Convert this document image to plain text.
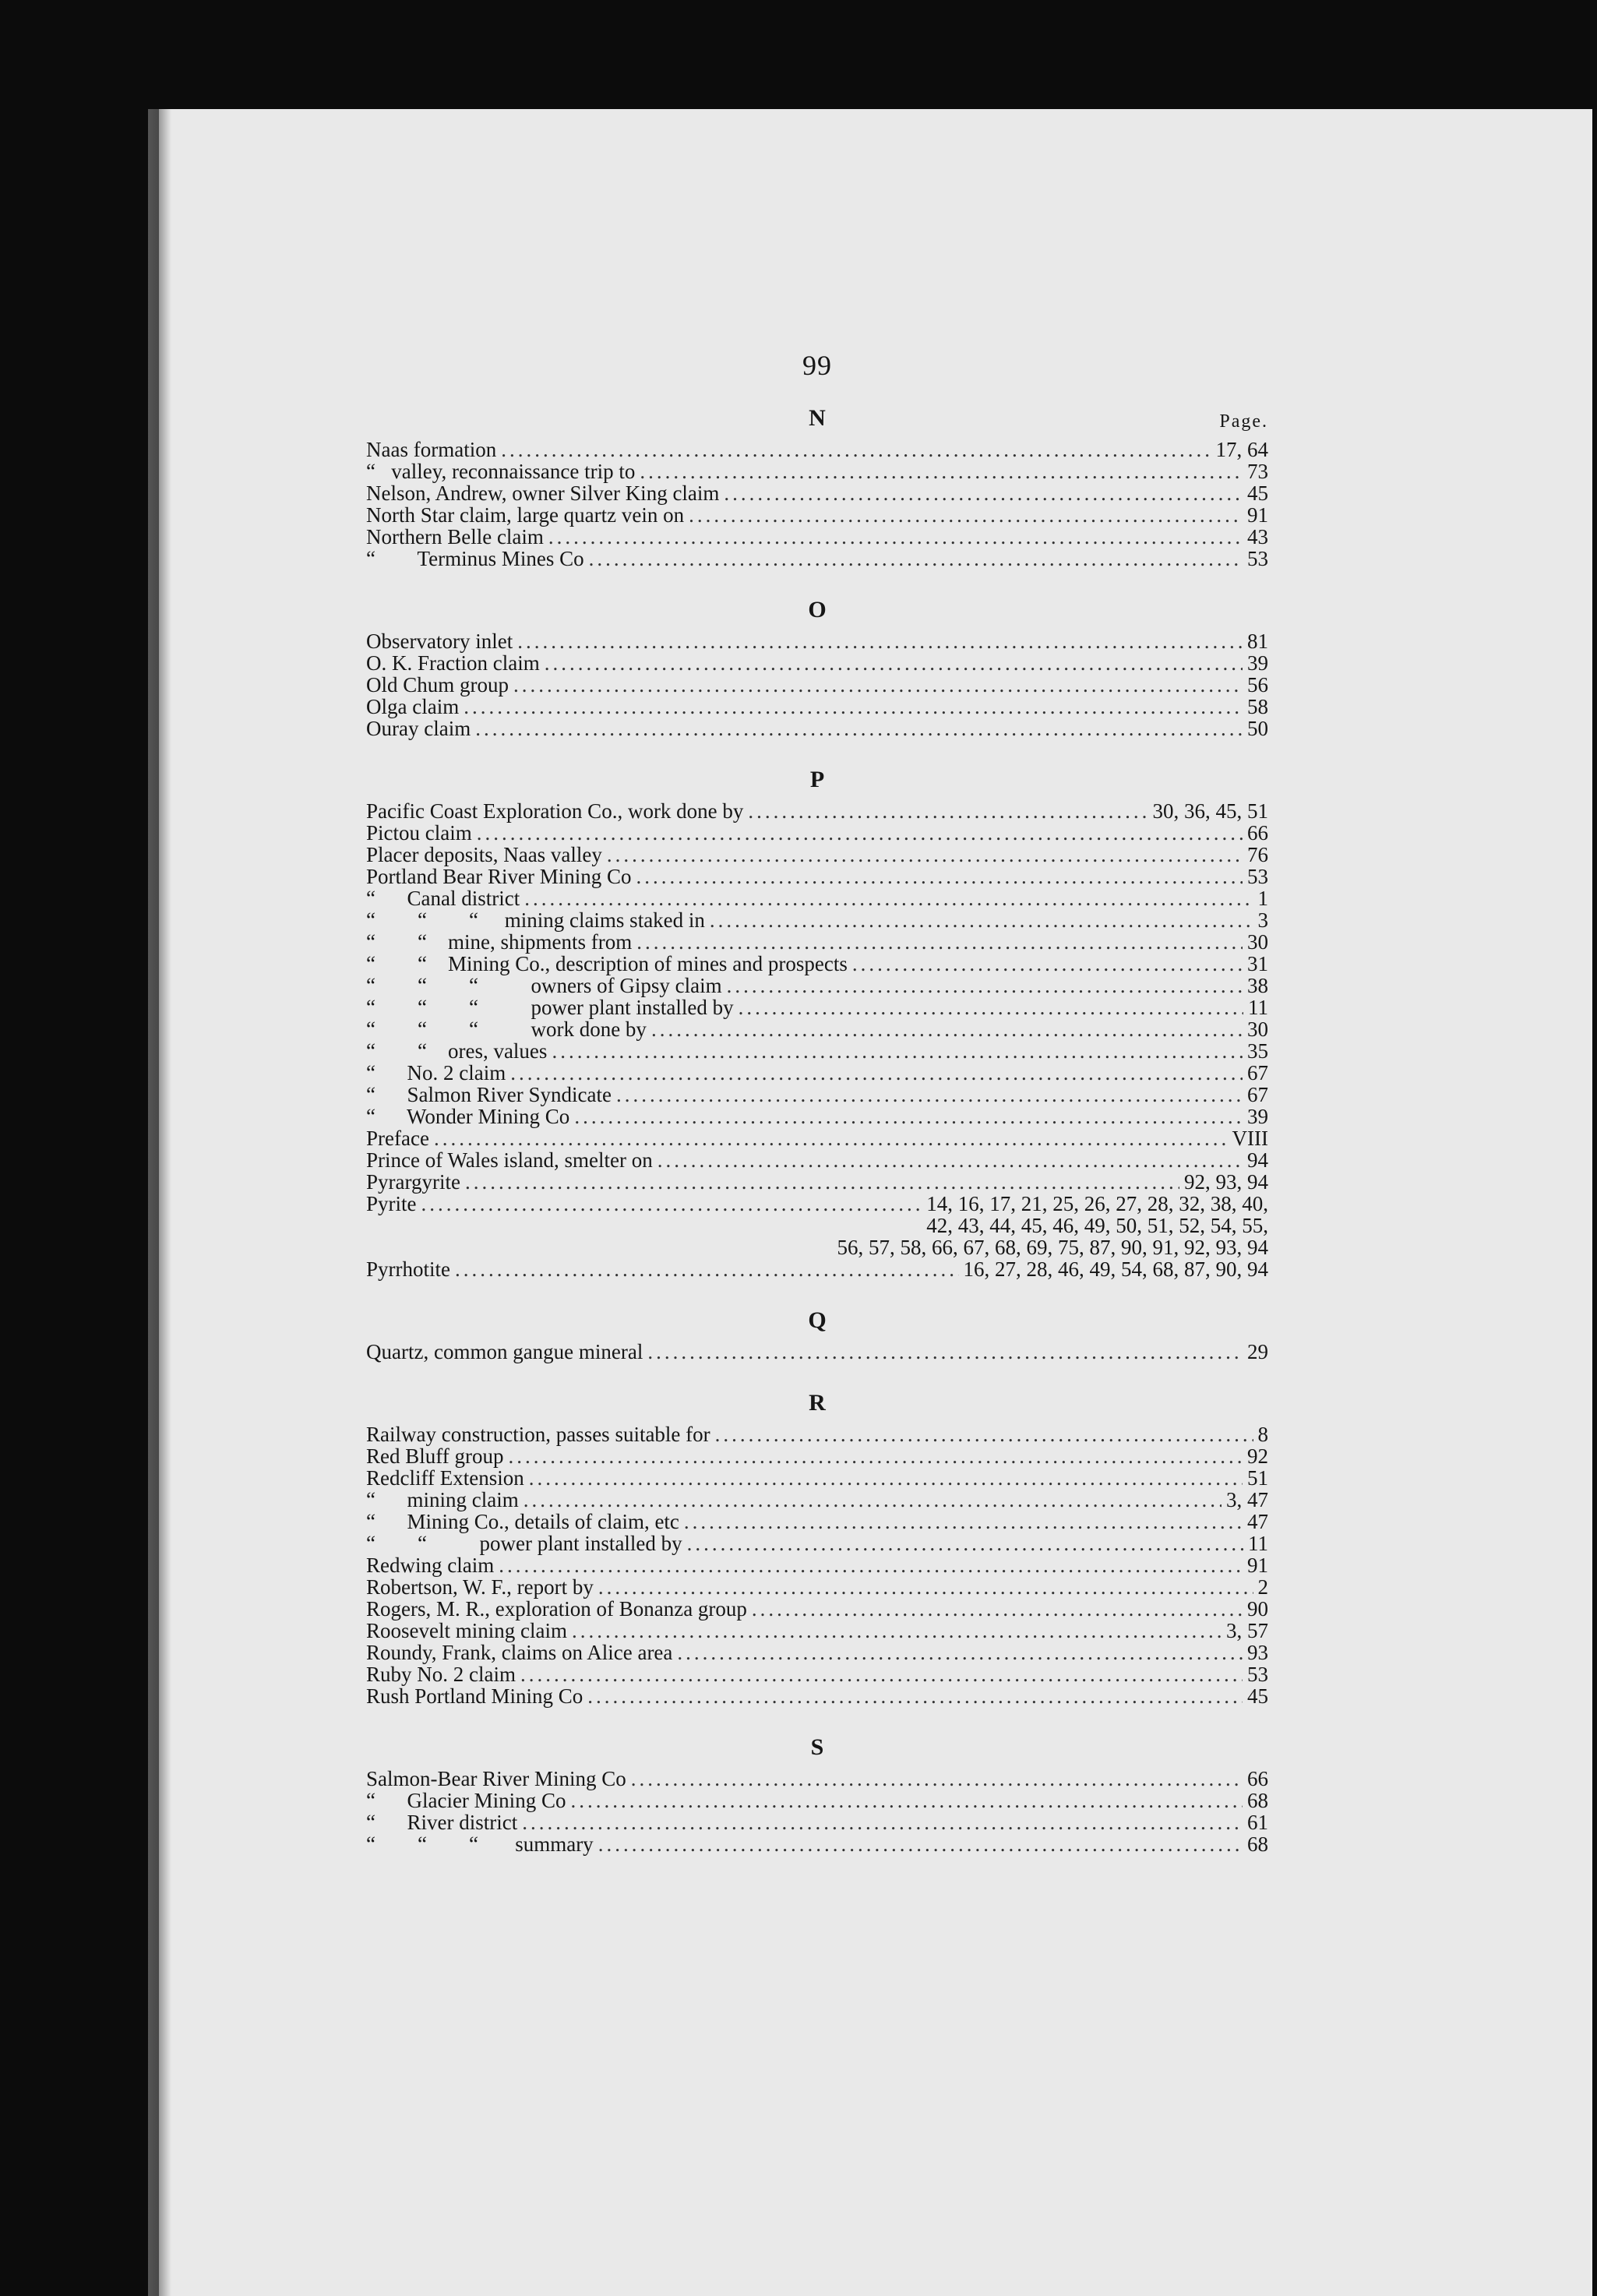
99
N	Page.
Naas formation .....	17, 64
“   valley, reconnaissance trip to .....	73
Nelson, Andrew, owner Silver King claim .....	45
North Star claim, large quartz vein on .....	91
Northern Belle claim .....	43
“        Terminus Mines Co .....	53
O
Observatory inlet .....	81
O. K. Fraction claim .....	39
Old Chum group .....	56
Olga claim .....	58
Ouray claim .....	50
P
Pacific Coast Exploration Co., work done by .....	30, 36, 45, 51
Pictou claim .....	66
Placer deposits, Naas valley .....	76
Portland Bear River Mining Co .....	53
“      Canal district .....	1
“        “        “     mining claims staked in .....	3
“        “    mine, shipments from .....	30
“        “    Mining Co., description of mines and prospects .....	31
“        “        “          owners of Gipsy claim .....	38
“        “        “          power plant installed by .....	11
“        “        “          work done by .....	30
“        “    ores, values .....	35
“      No. 2 claim .....	67
“      Salmon River Syndicate .....	67
“      Wonder Mining Co .....	39
Preface .....	VIII
Prince of Wales island, smelter on .....	94
Pyrargyrite .....	92, 93, 94
Pyrite .....	14, 16, 17, 21, 25, 26, 27, 28, 32, 38, 40,
42, 43, 44, 45, 46, 49, 50, 51, 52, 54, 55,
56, 57, 58, 66, 67, 68, 69, 75, 87, 90, 91, 92, 93, 94
Pyrrhotite .....	16, 27, 28, 46, 49, 54, 68, 87, 90, 94
Q
Quartz, common gangue mineral .....	29
R
Railway construction, passes suitable for .....	8
Red Bluff group .....	92
Redcliff Extension .....	51
“      mining claim .....	3, 47
“      Mining Co., details of claim, etc .....	47
“        “          power plant installed by .....	11
Redwing claim .....	91
Robertson, W. F., report by .....	2
Rogers, M. R., exploration of Bonanza group .....	90
Roosevelt mining claim .....	3, 57
Roundy, Frank, claims on Alice area .....	93
Ruby No. 2 claim .....	53
Rush Portland Mining Co .....	45
S
Salmon-Bear River Mining Co .....	66
“      Glacier Mining Co .....	68
“      River district .....	61
“        “        “       summary .....	68
